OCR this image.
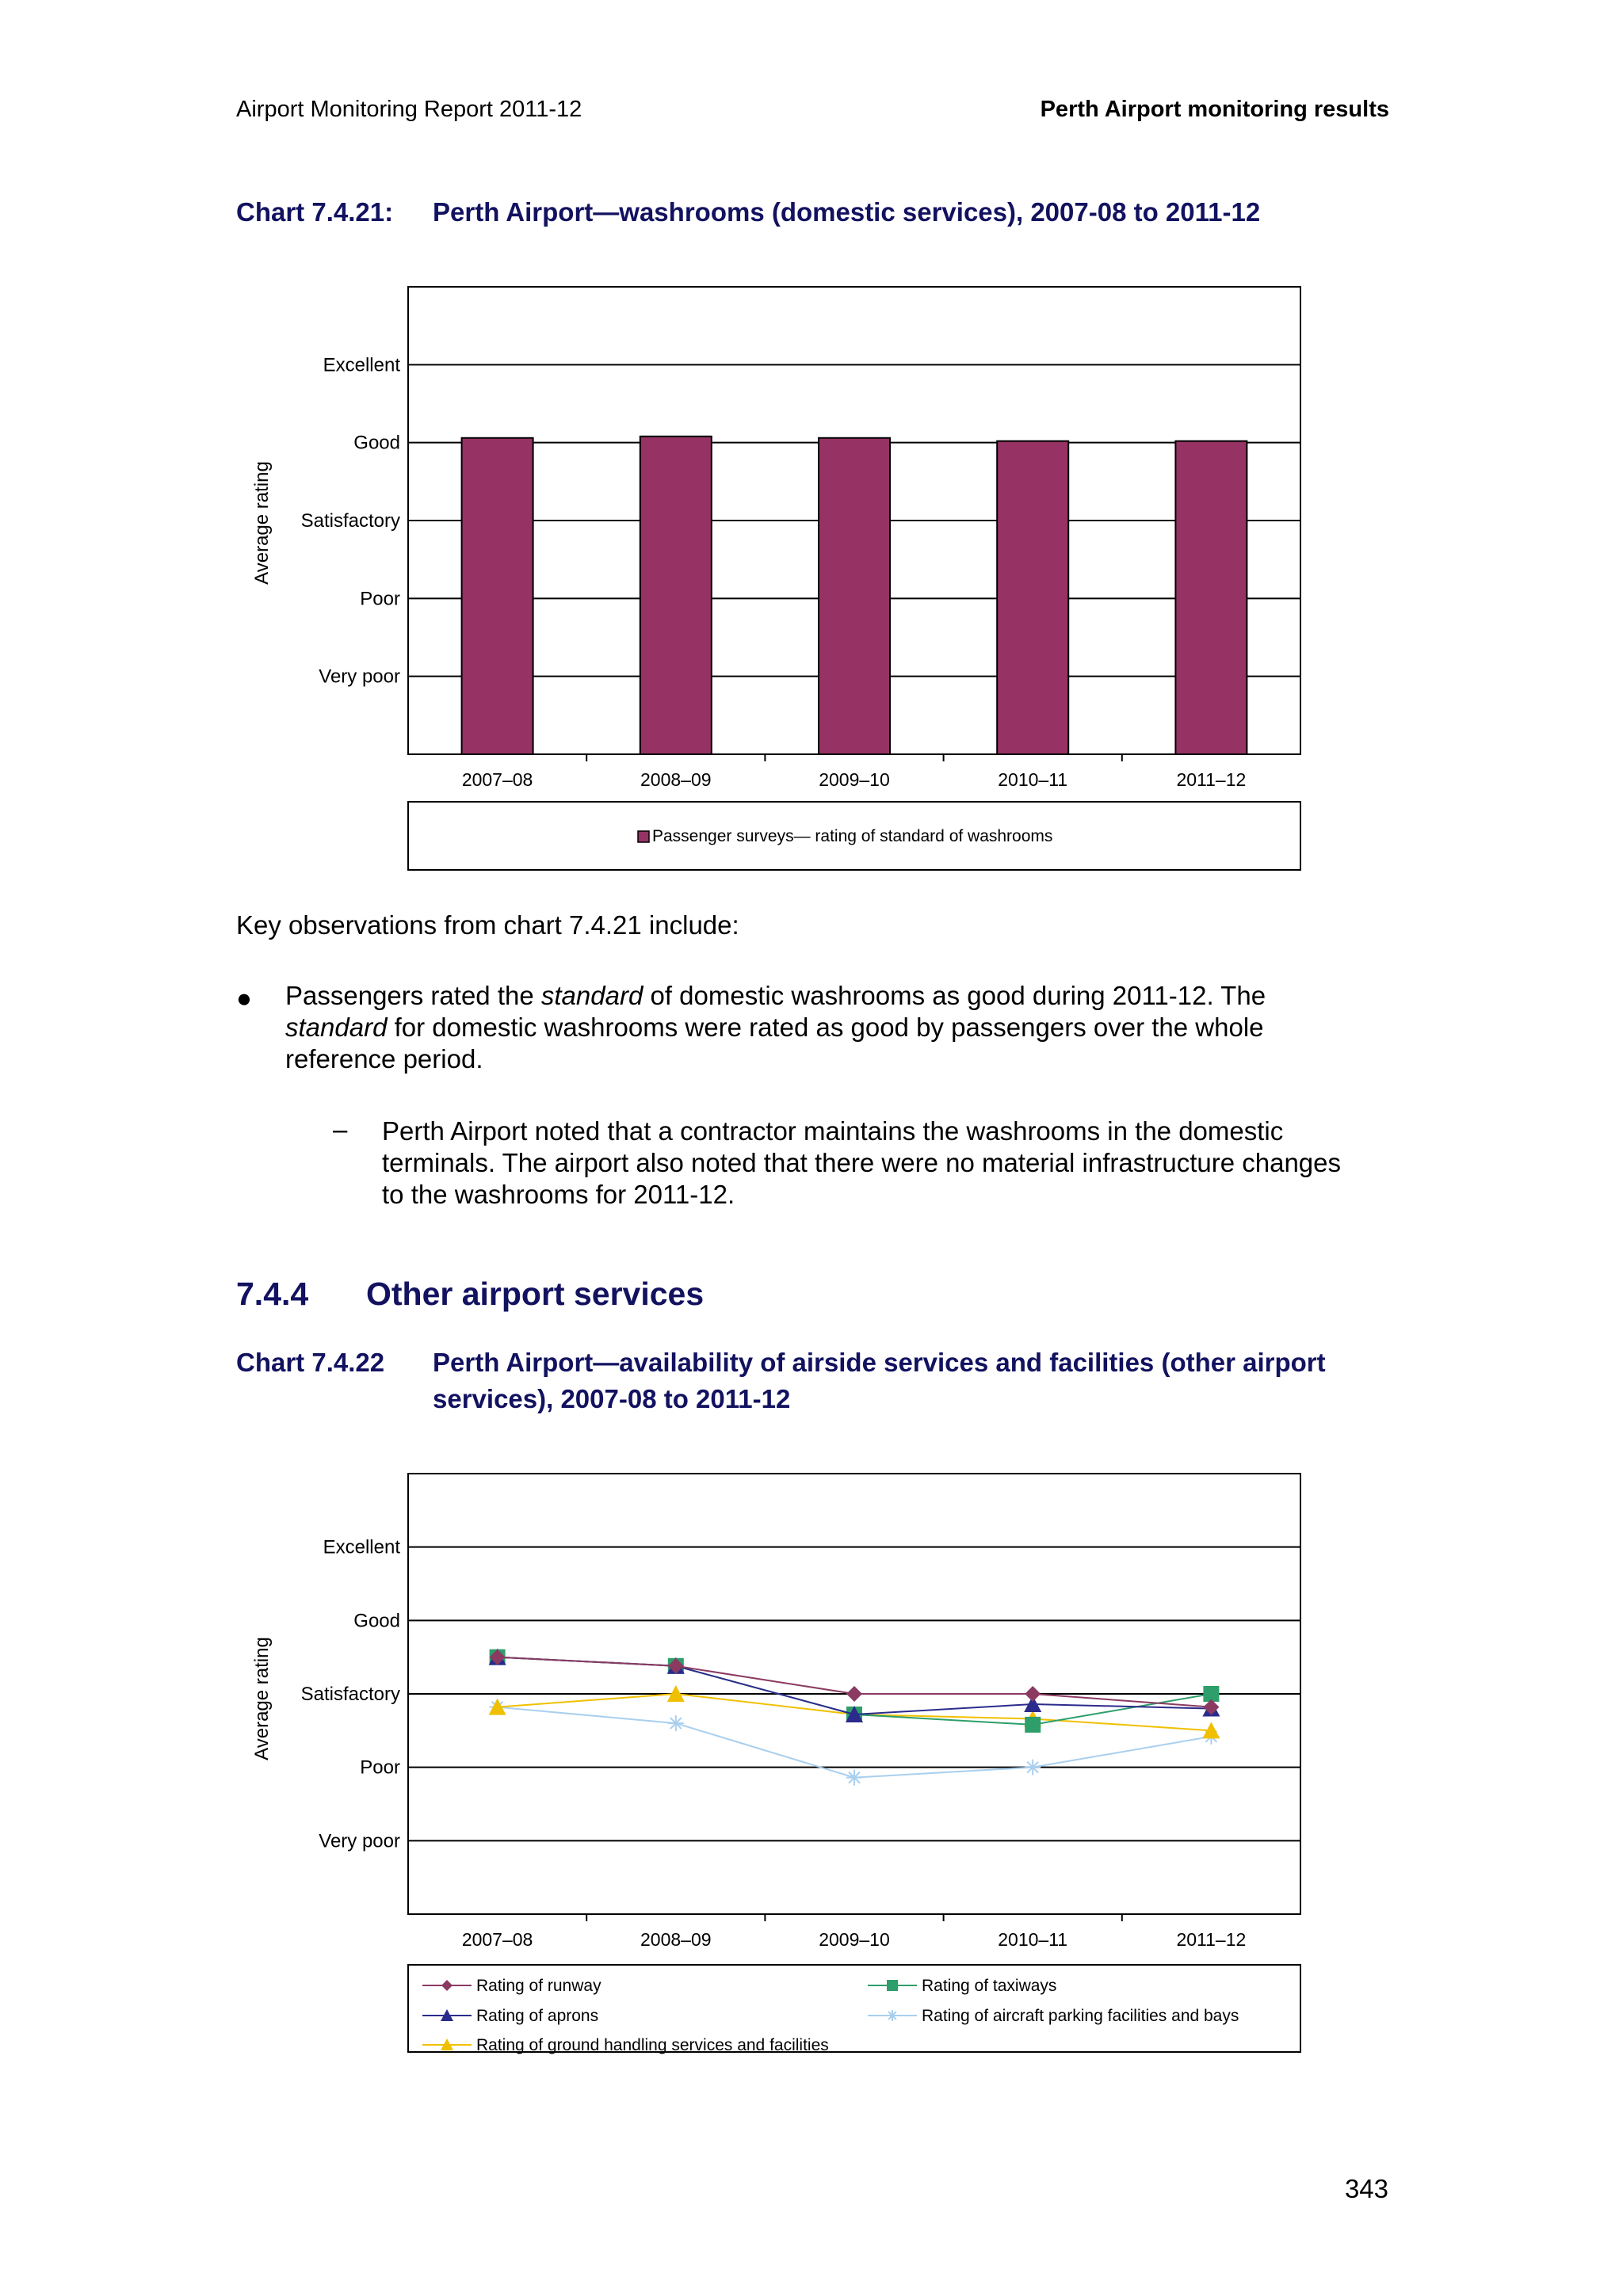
Airport Monitoring Report 2011-12	Perth Airport monitoring results
Chart 7.4.21: Perth Airport—washrooms (domestic services), 2007-08 to 2011-12
2007–08	2008–09	2009–10	2010–11	2011–12
Very poor
Poor
Satisfactory
Good
Excellent
Average rating
Passenger surveys— rating of standard of washrooms
Key observations from chart 7.4.21 include:
● Passengers rated the standard of domestic washrooms as good during 2011-12. The
standard for domestic washrooms were rated as good by passengers over the whole
reference period.
– Perth Airport noted that a contractor maintains the washrooms in the domestic
terminals. The airport also noted that there were no material infrastructure changes
to the washrooms for 2011-12.
7.4.4 Other airport services
Chart 7.4.22 Perth Airport—availability of airside services and facilities (other airport
services), 2007-08 to 2011-12
2007–08	2008–09	2009–10	2010–11	2011–12
Very poor
Poor
Satisfactory
Good
Excellent
Average rating
Rating of runway	Rating of taxiways
Rating of aprons	Rating of aircraft parking facilities and bays
Rating of ground handling services and facilities
343
